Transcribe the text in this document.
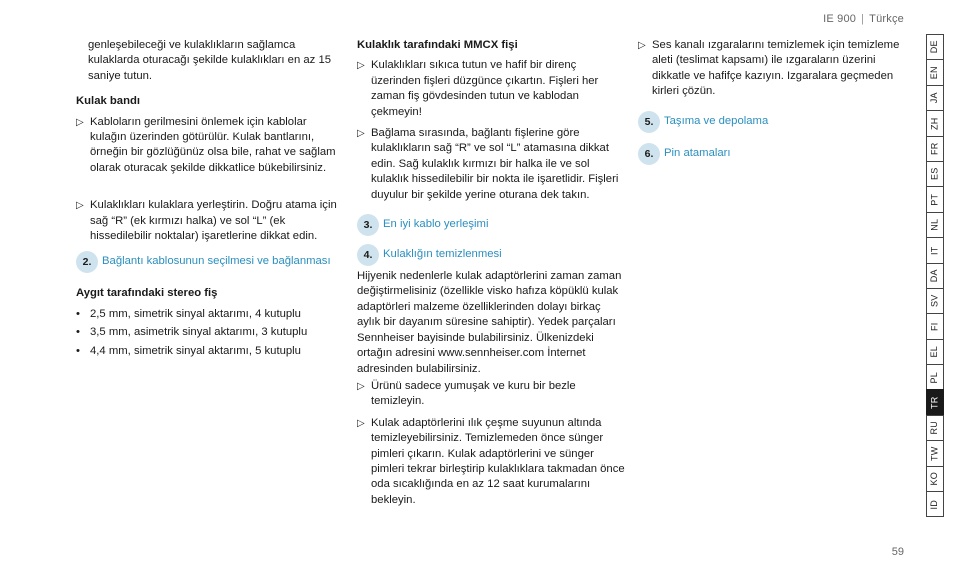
IE 900 | Türkçe

genleşebileceği ve kulaklıkların sağlamca kulaklarda oturacağı şekilde kulaklıkları en az 15 saniye tutun.

Kulak bandı

▷ Kabloların gerilmesini önlemek için kablolar kulağın üzerinden götürülür. Kulak bantlarını, örneğin bir gözlüğünüz olsa bile, rahat ve sağlam olarak oturacak şekilde dikkatlice bükebilirsiniz.
▷ Kulaklıkları kulaklara yerleştirin. Doğru atama için sağ “R” (ek kırmızı halka) ve sol “L” (ek hissedilebilir noktalar) işaretlerine dikkat edin.
2. Bağlantı kablosunun seçilmesi ve bağlanması

Aygıt tarafındaki stereo fiş

• 2,5 mm, simetrik sinyal aktarımı, 4 kutuplu
• 3,5 mm, asimetrik sinyal aktarımı, 3 kutuplu
• 4,4 mm, simetrik sinyal aktarımı, 5 kutuplu

Kulaklık tarafındaki MMCX fişi

▷ Kulaklıkları sıkıca tutun ve hafif bir direnç üzerinden fişleri düzgünce çıkartın. Fişleri her zaman fiş gövdesinden tutun ve kablodan çekmeyin!
▷ Bağlama sırasında, bağlantı fişlerine göre kulaklıkların sağ “R” ve sol “L” atamasına dikkat edin. Sağ kulaklık kırmızı bir halka ile ve sol kulaklık hissedilebilir bir nokta ile işaretlidir. Fişleri duyulur bir şekilde yerine oturana dek takın.
3. En iyi kablo yerleşimi
4. Kulaklığın temizlenmesi

Hijyenik nedenlerle kulak adaptörlerini zaman zaman değiştirmelisiniz (özellikle visko hafıza köpüklü kulak adaptörleri malzeme özelliklerinden dolayı birkaç aylık bir dayanım süresine sahiptir). Yedek parçaları Sennheiser bayisinde bulabilirsiniz. Ülkenizdeki ortağın adresini www.sennheiser.com İnternet adresinden bulabilirsiniz.

▷ Ürünü sadece yumuşak ve kuru bir bezle temizleyin.
▷ Kulak adaptörlerini ılık çeşme suyunun altında temizleyebilirsiniz. Temizlemeden önce sünger pimleri çıkarın. Kulak adaptörlerini ve sünger pimleri tekrar birleştirip kulaklıklara takmadan önce oda sıcaklığında en az 12 saat kurumalarını bekleyin.
▷ Ses kanalı ızgaralarını temizlemek için temizleme aleti (teslimat kapsamı) ile ızgaraların üzerini dikkatle ve hafifçe kazıyın. Izgaralara geçmeden kirleri çözün.
5. Taşıma ve depolama
6. Pin atamaları
DE
EN
JA
ZH
FR
ES
PT
NL
IT
DA
SV
FI
EL
PL
TR
RU
TW
KO
ID
59
